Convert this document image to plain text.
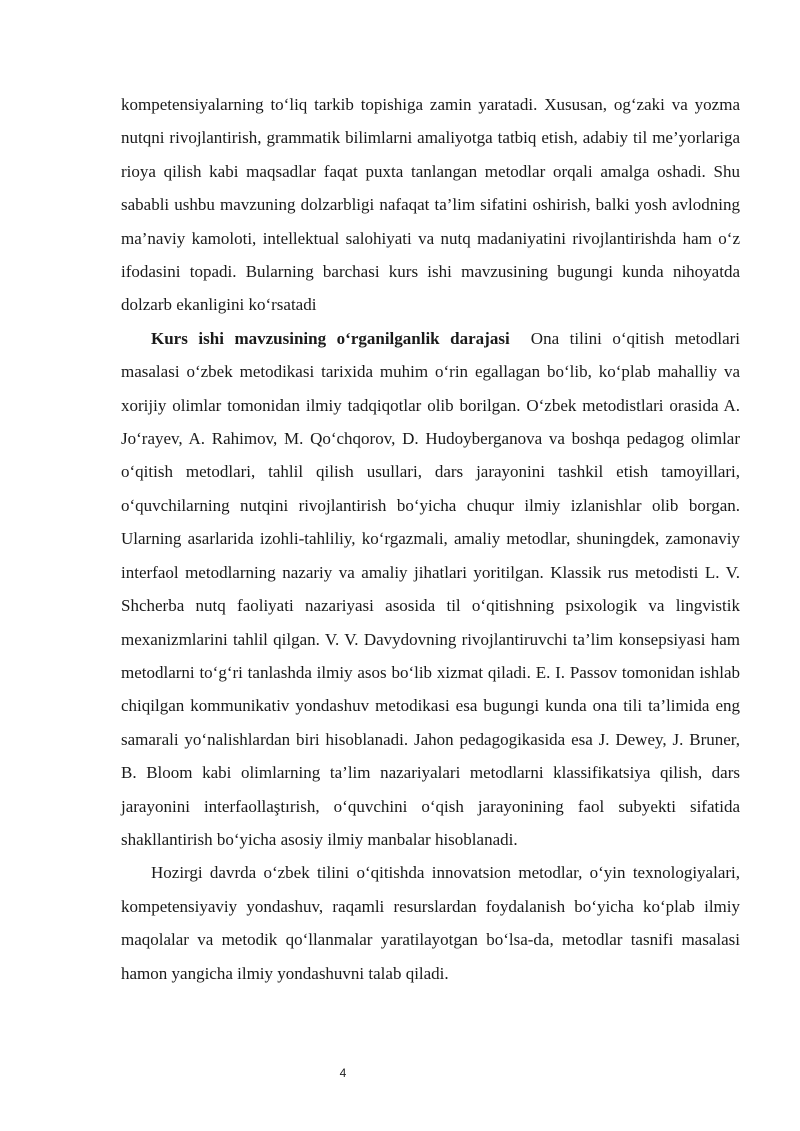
kompetensiyalarning to‘liq tarkib topishiga zamin yaratadi. Xususan, og‘zaki va yozma nutqni rivojlantirish, grammatik bilimlarni amaliyotga tatbiq etish, adabiy til me’yorlariga rioya qilish kabi maqsadlar faqat puxta tanlangan metodlar orqali amalga oshadi. Shu sababli ushbu mavzuning dolzarbligi nafaqat ta’lim sifatini oshirish, balki yosh avlodning ma’naviy kamoloti, intellektual salohiyati va nutq madaniyatini rivojlantirishda ham o‘z ifodasini topadi. Bularning barchasi kurs ishi mavzusining bugungi kunda nihoyatda dolzarb ekanligini ko‘rsatadi

Kurs ishi mavzusining o‘rganilganlik darajasi  Ona tilini o‘qitish metodlari masalasi o‘zbek metodikasi tarixida muhim o‘rin egallagan bo‘lib, ko‘plab mahalliy va xorijiy olimlar tomonidan ilmiy tadqiqotlar olib borilgan. O‘zbek metodistlari orasida A. Jo‘rayev, A. Rahimov, M. Qo‘chqorov, D. Hudoyberganova va boshqa pedagog olimlar o‘qitish metodlari, tahlil qilish usullari, dars jarayonini tashkil etish tamoyillari, o‘quvchilarning nutqini rivojlantirish bo‘yicha chuqur ilmiy izlanishlar olib borgan. Ularning asarlarida izohli-tahliliy, ko‘rgazmali, amaliy metodlar, shuningdek, zamonaviy interfaol metodlarning nazariy va amaliy jihatlari yoritilgan. Klassik rus metodisti L. V. Shcherba nutq faoliyati nazariyasi asosida til o‘qitishning psixologik va lingvistik mexanizmlarini tahlil qilgan. V. V. Davydovning rivojlantiruvchi ta’lim konsepsiyasi ham metodlarni to‘g‘ri tanlashda ilmiy asos bo‘lib xizmat qiladi. E. I. Passov tomonidan ishlab chiqilgan kommunikativ yondashuv metodikasi esa bugungi kunda ona tili ta’limida eng samarali yo‘nalishlardan biri hisoblanadi. Jahon pedagogikasida esa J. Dewey, J. Bruner, B. Bloom kabi olimlarning ta’lim nazariyalari metodlarni klassifikatsiya qilish, dars jarayonini interfaollaştırish, o‘quvchini o‘qish jarayonining faol subyekti sifatida shakllantirish bo‘yicha asosiy ilmiy manbalar hisoblanadi.

Hozirgi davrda o‘zbek tilini o‘qitishda innovatsion metodlar, o‘yin texnologiyalari, kompetensiyaviy yondashuv, raqamli resurslardan foydalanish bo‘yicha ko‘plab ilmiy maqolalar va metodik qo‘llanmalar yaratilayotgan bo‘lsa-da, metodlar tasnifi masalasi hamon yangicha ilmiy yondashuvni talab qiladi.

4
